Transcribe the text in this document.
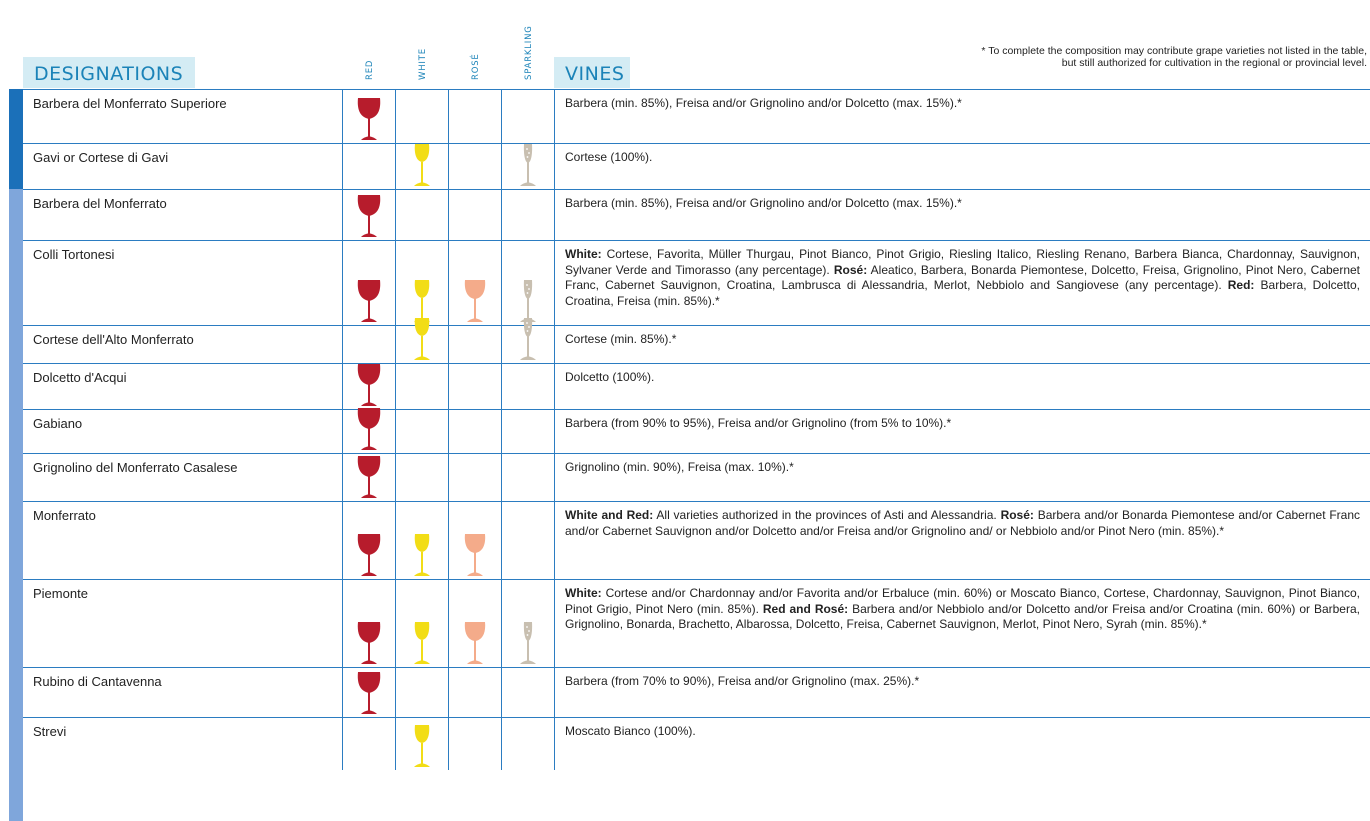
DESIGNATIONS	VINES
RED	WHITE	ROSÉ	SPARKLING	* To complete the composition may contribute grape varieties not listed in the table,
but still authorized for cultivation in the regional or provincial level.
Barbera del Monferrato Superiore	Barbera (min. 85%), Freisa and/or Grignolino and/or Dolcetto (max. 15%).*
Gavi or Cortese di Gavi	Cortese (100%).
Barbera del Monferrato	Barbera (min. 85%), Freisa and/or Grignolino and/or Dolcetto (max. 15%).*
Colli Tortonesi	White: Cortese, Favorita, Müller Thurgau, Pinot Bianco, Pinot Grigio, Riesling Italico, Riesling Renano, Barbera Bianca, Chardonnay, Sauvignon, Sylvaner Verde and Timorasso (any percentage). Rosé: Aleatico, Barbera, Bonarda Piemontese, Dolcetto, Freisa, Grignolino, Pinot Nero, Cabernet Franc, Cabernet Sauvignon, Croatina, Lambrusca di Alessandria, Merlot, Nebbiolo and Sangiovese (any percentage). Red: Barbera, Dolcetto, Croatina, Freisa (min. 85%).*
Cortese dell'Alto Monferrato	Cortese (min. 85%).*
Dolcetto d'Acqui	Dolcetto (100%).
Gabiano	Barbera (from 90% to 95%), Freisa and/or Grignolino (from 5% to 10%).*
Grignolino del Monferrato Casalese	Grignolino (min. 90%), Freisa (max. 10%).*
Monferrato	White and Red: All varieties authorized in the provinces of Asti and Alessandria. Rosé: Barbera and/or Bonarda Piemontese and/or Cabernet Franc and/or Cabernet Sauvignon and/or Dolcetto and/or Freisa and/or Grignolino and/ or Nebbiolo and/or Pinot Nero (min. 85%).*
Piemonte	White: Cortese and/or Chardonnay and/or Favorita and/or Erbaluce (min. 60%) or Moscato Bianco, Cortese, Chardonnay, Sauvignon, Pinot Bianco, Pinot Grigio, Pinot Nero (min. 85%). Red and Rosé: Barbera and/or Nebbiolo and/or Dolcetto and/or Freisa and/or Croatina (min. 60%) or Barbera, Grignolino, Bonarda, Brachetto, Albarossa, Dolcetto, Freisa, Cabernet Sauvignon, Merlot, Pinot Nero, Syrah (min. 85%).*
Rubino di Cantavenna	Barbera (from 70% to 90%), Freisa and/or Grignolino (max. 25%).*
Strevi	Moscato Bianco (100%).
